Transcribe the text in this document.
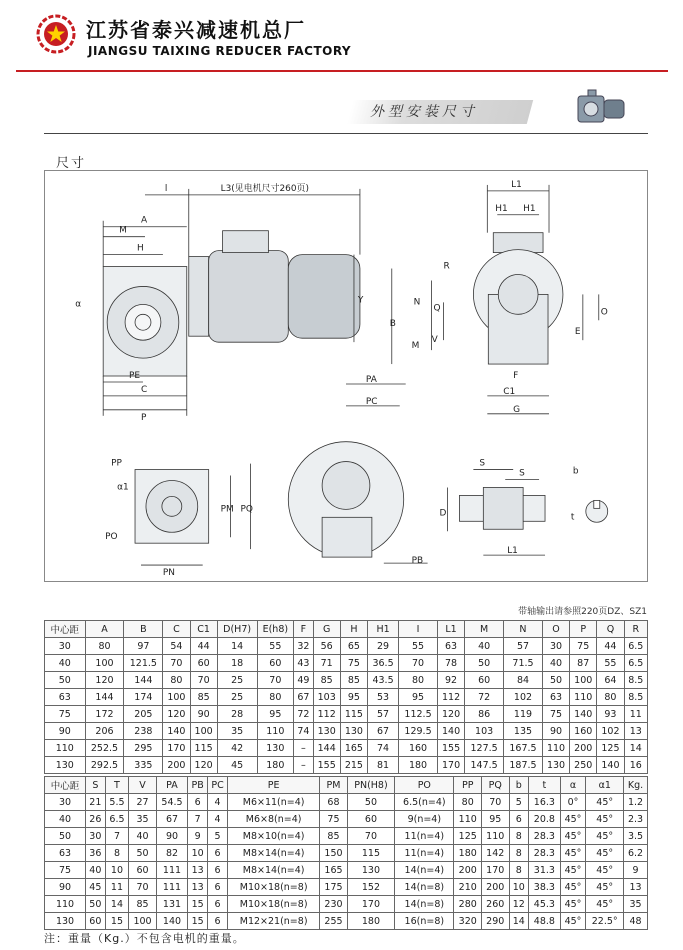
江苏省泰兴减速机总厂
JIANGSU TAIXING REDUCER FACTORY
外型安装尺寸
尺寸
l	L3(见电机尺寸260页)
A
M
H
α	Y
PE
C
P
L1
H1 H1
R
N
Q
B
V
M
E
O
F
C1
G
PA
PC
PP
α1
PM PQ
PO
PN
PB
S
S
D
L1
b
t
带轴输出请参照220页DZ、SZ1
中心距	A	B	C	C1	D(H7)	E(h8)	F	G	H	H1	I	L1	M	N	O	P	Q	R
30	80	97	54	44	14	55	32	56	65	29	55	63	40	57	30	75	44	6.5
40	100	121.5	70	60	18	60	43	71	75	36.5	70	78	50	71.5	40	87	55	6.5
50	120	144	80	70	25	70	49	85	85	43.5	80	92	60	84	50	100	64	8.5
63	144	174	100	85	25	80	67	103	95	53	95	112	72	102	63	110	80	8.5
75	172	205	120	90	28	95	72	112	115	57	112.5	120	86	119	75	140	93	11
90	206	238	140	100	35	110	74	130	130	67	129.5	140	103	135	90	160	102	13
110	252.5	295	170	115	42	130	–	144	165	74	160	155	127.5	167.5	110	200	125	14
130	292.5	335	200	120	45	180	–	155	215	81	180	170	147.5	187.5	130	250	140	16
中心距	S	T	V	PA	PB	PC	PE	PM	PN(H8)	PO	PP	PQ	b	t	α	α1	Kg.
30	21	5.5	27	54.5	6	4	M6×11(n=4)	68	50	6.5(n=4)	80	70	5	16.3	0°	45°	1.2
40	26	6.5	35	67	7	4	M6×8(n=4)	75	60	9(n=4)	110	95	6	20.8	45°	45°	2.3
50	30	7	40	90	9	5	M8×10(n=4)	85	70	11(n=4)	125	110	8	28.3	45°	45°	3.5
63	36	8	50	82	10	6	M8×14(n=4)	150	115	11(n=4)	180	142	8	28.3	45°	45°	6.2
75	40	10	60	111	13	6	M8×14(n=4)	165	130	14(n=4)	200	170	8	31.3	45°	45°	9
90	45	11	70	111	13	6	M10×18(n=8)	175	152	14(n=8)	210	200	10	38.3	45°	45°	13
110	50	14	85	131	15	6	M10×18(n=8)	230	170	14(n=8)	280	260	12	45.3	45°	45°	35
130	60	15	100	140	15	6	M12×21(n=8)	255	180	16(n=8)	320	290	14	48.8	45°	22.5°	48
注：重量（Kg.）不包含电机的重量。
